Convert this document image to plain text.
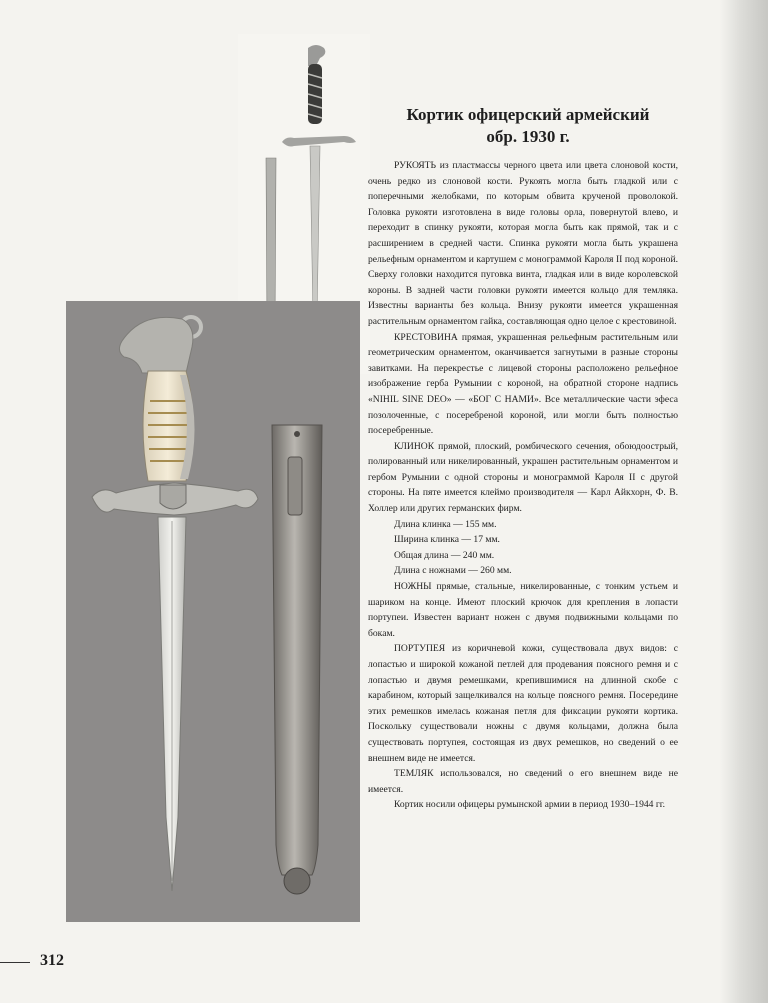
Кортик офицерский армейский
обр. 1930 г.

РУКОЯТЬ из пластмассы черного цвета или цвета слоновой кости, очень редко из слоновой кости. Рукоять могла быть гладкой или с поперечными желобками, по которым обвита крученой проволокой. Головка рукояти изготовлена в виде головы орла, повернутой влево, и переходит в спинку рукояти, которая могла быть как прямой, так и с расширением в средней части. Спинка рукояти могла быть украшена рельефным орнаментом и картушем с монограммой Кароля II под короной. Сверху головки находится пуговка винта, гладкая или в виде королевской короны. В задней части головки рукояти имеется кольцо для темляка. Известны варианты без кольца. Внизу рукояти имеется украшенная растительным орнаментом гайка, составляющая одно целое с крестовиной.

КРЕСТОВИНА прямая, украшенная рельефным растительным или геометрическим орнаментом, оканчивается загнутыми в разные стороны завитками. На перекрестье с лицевой стороны расположено рельефное изображение герба Румынии с короной, на обратной стороне надпись «NIHIL SINE DEO» — «БОГ С НАМИ». Все металлические части эфеса позолоченные, с посеребреной короной, или могли быть полностью посеребренные.

КЛИНОК прямой, плоский, ромбического сечения, обоюдоострый, полированный или никелированный, украшен растительным орнаментом и гербом Румынии с одной стороны и монограммой Кароля II с другой стороны. На пяте имеется клеймо производителя — Карл Айкхорн, Ф. В. Холлер или других германских фирм.

Длина клинка — 155 мм.

Ширина клинка — 17 мм.

Общая длина — 240 мм.

Длина с ножнами — 260 мм.

НОЖНЫ прямые, стальные, никелированные, с тонким устьем и шариком на конце. Имеют плоский крючок для крепления в лопасти портупеи. Известен вариант ножен с двумя подвижными кольцами по бокам.

ПОРТУПЕЯ из коричневой кожи, существовала двух видов: с лопастью и широкой кожаной петлей для продевания поясного ремня и с лопастью и двумя ремешками, крепившимися на длинной скобе с карабином, который защелкивался на кольце поясного ремня. Посередине этих ремешков имелась кожаная петля для фиксации рукояти кортика. Поскольку существовали ножны с двумя кольцами, должна была существовать портупея, состоящая из двух ремешков, но сведений о ее внешнем виде не имеется.

ТЕМЛЯК использовался, но сведений о его внешнем виде не имеется.

Кортик носили офицеры румынской армии в период 1930–1944 гг.

312
